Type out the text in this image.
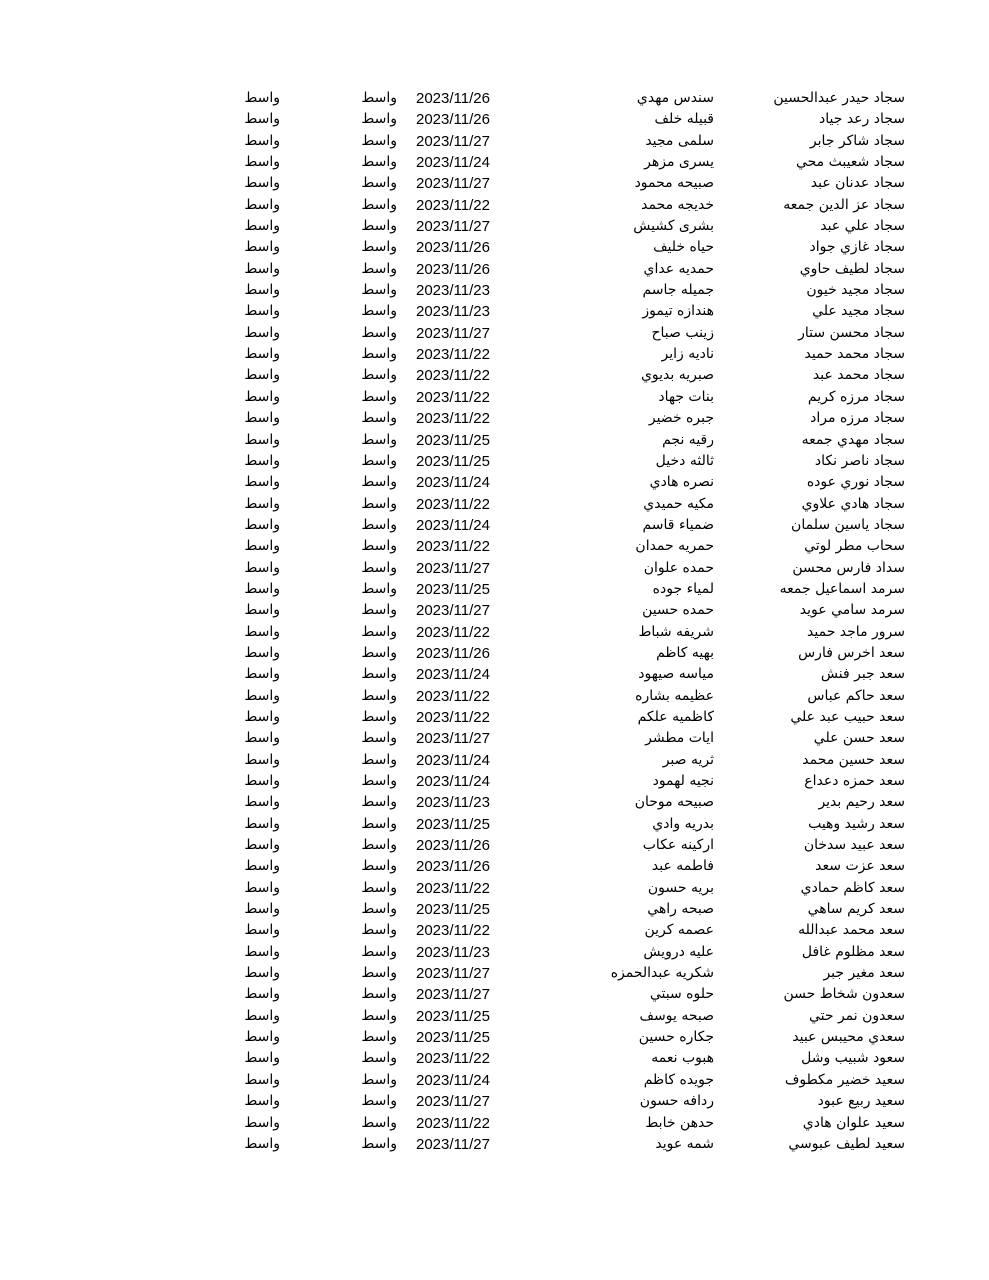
سجاد حيدر عبدالحسين
سندس مهدي
2023/11/26
واسط
واسط
سجاد رعد جياد
قبيله خلف
2023/11/26
واسط
واسط
سجاد شاكر جابر
سلمى مجيد
2023/11/27
واسط
واسط
سجاد شعيبث محي
يسرى مزهر
2023/11/24
واسط
واسط
سجاد عدنان عبد
صبيحه محمود
2023/11/27
واسط
واسط
سجاد عز الدين جمعه
خديجه محمد
2023/11/22
واسط
واسط
سجاد علي عبد
بشرى كشيش
2023/11/27
واسط
واسط
سجاد غازي جواد
حياه خليف
2023/11/26
واسط
واسط
سجاد لطيف حاوي
حمديه عداي
2023/11/26
واسط
واسط
سجاد مجيد خيون
جميله جاسم
2023/11/23
واسط
واسط
سجاد مجيد علي
هندازه تيموز
2023/11/23
واسط
واسط
سجاد محسن ستار
زينب صباح
2023/11/27
واسط
واسط
سجاد محمد حميد
ناديه زاير
2023/11/22
واسط
واسط
سجاد محمد عبد
صبريه بديوي
2023/11/22
واسط
واسط
سجاد مرزه كريم
بنات جهاد
2023/11/22
واسط
واسط
سجاد مرزه مراد
جبره خضير
2023/11/22
واسط
واسط
سجاد مهدي جمعه
رقيه نجم
2023/11/25
واسط
واسط
سجاد ناصر نكاد
ثالثه دخيل
2023/11/25
واسط
واسط
سجاد نوري عوده
نصره هادي
2023/11/24
واسط
واسط
سجاد هادي علاوي
مكيه حميدي
2023/11/22
واسط
واسط
سجاد ياسين سلمان
ضمياء قاسم
2023/11/24
واسط
واسط
سحاب مطر لوتي
حمريه حمدان
2023/11/22
واسط
واسط
سداد فارس محسن
حمده علوان
2023/11/27
واسط
واسط
سرمد اسماعيل جمعه
لمياء جوده
2023/11/25
واسط
واسط
سرمد سامي عويد
حمده حسين
2023/11/27
واسط
واسط
سرور ماجد حميد
شريفه شباط
2023/11/22
واسط
واسط
سعد اخرس فارس
بهيه كاظم
2023/11/26
واسط
واسط
سعد جبر فنش
مياسه صيهود
2023/11/24
واسط
واسط
سعد حاكم عباس
عظيمه بشاره
2023/11/22
واسط
واسط
سعد حبيب عبد علي
كاظميه علكم
2023/11/22
واسط
واسط
سعد حسن علي
ايات مطشر
2023/11/27
واسط
واسط
سعد حسين محمد
ثريه صبر
2023/11/24
واسط
واسط
سعد حمزه دعداع
نجيه لهمود
2023/11/24
واسط
واسط
سعد رحيم بدير
صبيحه موحان
2023/11/23
واسط
واسط
سعد رشيد وهيب
بدريه وادي
2023/11/25
واسط
واسط
سعد عبيد سدخان
اركينه عكاب
2023/11/26
واسط
واسط
سعد عزت سعد
فاطمه عبد
2023/11/26
واسط
واسط
سعد كاظم حمادي
بريه حسون
2023/11/22
واسط
واسط
سعد كريم ساهي
صبحه راهي
2023/11/25
واسط
واسط
سعد محمد عبدالله
عصمه كرين
2023/11/22
واسط
واسط
سعد مظلوم غافل
عليه درويش
2023/11/23
واسط
واسط
سعد مغير جبر
شكريه عبدالحمزه
2023/11/27
واسط
واسط
سعدون شخاط حسن
حلوه سبتي
2023/11/27
واسط
واسط
سعدون نمر حتي
صبحه يوسف
2023/11/25
واسط
واسط
سعدي محيبس عبيد
جكاره حسين
2023/11/25
واسط
واسط
سعود شبيب وشل
هبوب نعمه
2023/11/22
واسط
واسط
سعيد خضير مكطوف
جويده كاظم
2023/11/24
واسط
واسط
سعيد ربيع عبود
ردافه حسون
2023/11/27
واسط
واسط
سعيد علوان هادي
حدهن خابط
2023/11/22
واسط
واسط
سعيد لطيف عبوسي
شمه عويد
2023/11/27
واسط
واسط
